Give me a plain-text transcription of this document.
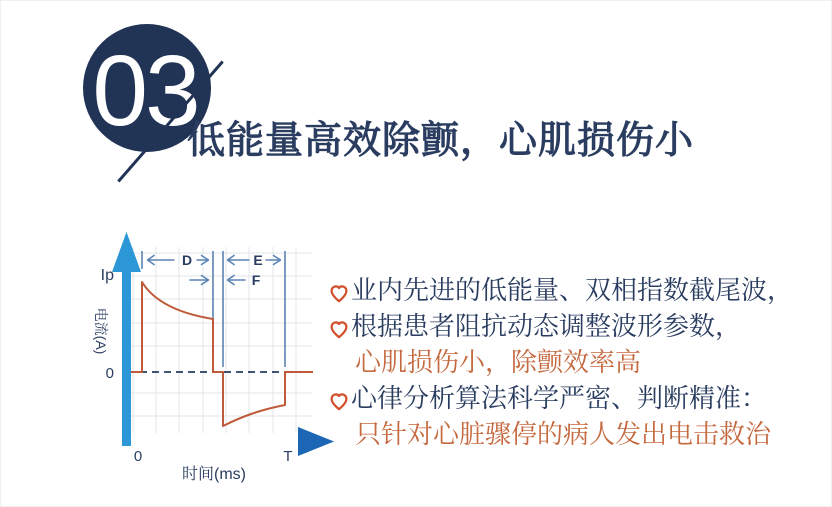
03
低能量高效除颤，心肌损伤小
D	E
F
Ip
0
0	T
电流(A)
时间(ms)
业内先进的低能量、双相指数截尾波，
根据患者阻抗动态调整波形参数，
心肌损伤小，除颤效率高
心律分析算法科学严密、判断精准：
只针对心脏骤停的病人发出电击救治
